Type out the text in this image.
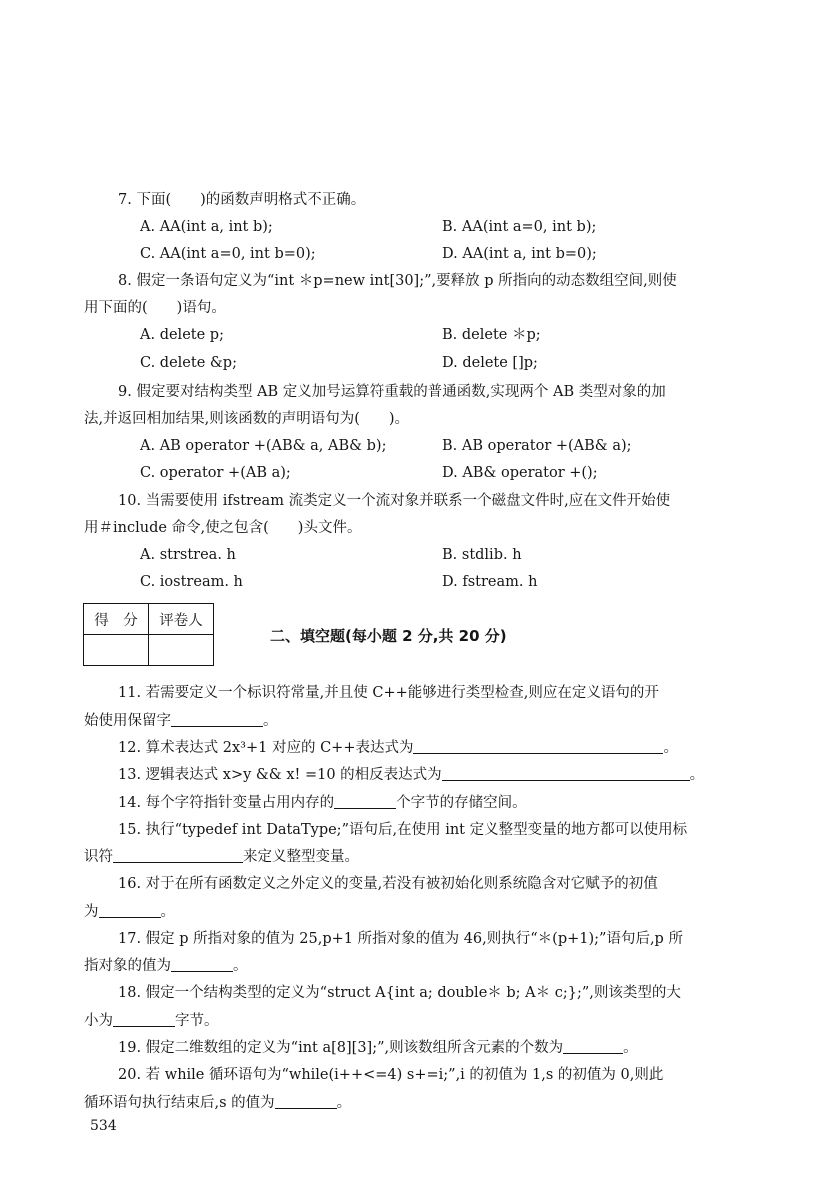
7. 下面(　　)的函数声明格式不正确。
A. AA(int a, int b);	B. AA(int a=0, int b);
C. AA(int a=0, int b=0);	D. AA(int a, int b=0);
8. 假定一条语句定义为“int ＊p=new int[30];”,要释放 p 所指向的动态数组空间,则使
用下面的(　　)语句。
A. delete p;	B. delete ＊p;
C. delete &p;	D. delete []p;
9. 假定要对结构类型 AB 定义加号运算符重载的普通函数,实现两个 AB 类型对象的加
法,并返回相加结果,则该函数的声明语句为(　　)。
A. AB operator +(AB& a, AB& b);	B. AB operator +(AB& a);
C. operator +(AB a);	D. AB& operator +();
10. 当需要使用 ifstream 流类定义一个流对象并联系一个磁盘文件时,应在文件开始使
用＃include 命令,使之包含(　　)头文件。
A. strstrea. h	B. stdlib. h
C. iostream. h	D. fstream. h
得　分	评卷人

二、填空题(每小题 2 分,共 20 分)
11. 若需要定义一个标识符常量,并且使 C++能够进行类型检查,则应在定义语句的开
始使用保留字	。
12. 算术表达式 2x³+1 对应的 C++表达式为	。
13. 逻辑表达式 x>y && x! =10 的相反表达式为	。
14. 每个字符指针变量占用内存的	个字节的存储空间。
15. 执行“typedef int DataType;”语句后,在使用 int 定义整型变量的地方都可以使用标
识符	来定义整型变量。
16. 对于在所有函数定义之外定义的变量,若没有被初始化则系统隐含对它赋予的初值
为	。
17. 假定 p 所指对象的值为 25,p+1 所指对象的值为 46,则执行“＊(p+1);”语句后,p 所
指对象的值为	。
18. 假定一个结构类型的定义为“struct A{int a; double＊ b; A＊ c;};”,则该类型的大
小为	字节。
19. 假定二维数组的定义为“int a[8][3];”,则该数组所含元素的个数为	。
20. 若 while 循环语句为“while(i++<=4) s+=i;”,i 的初值为 1,s 的初值为 0,则此
循环语句执行结束后,s 的值为	。
534
